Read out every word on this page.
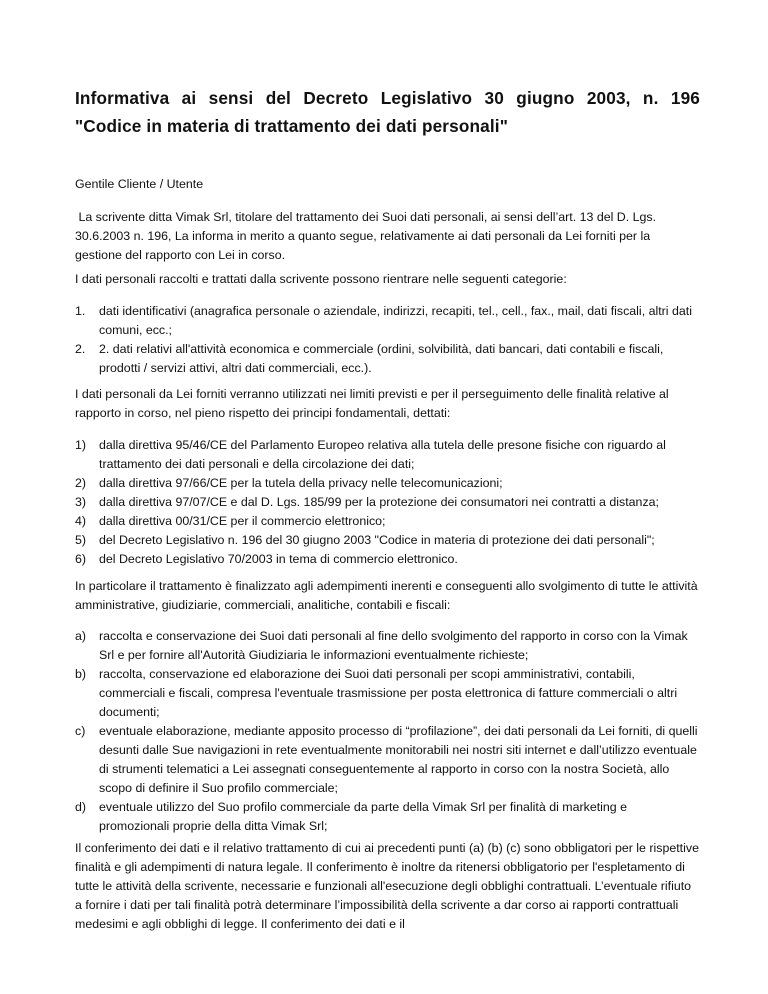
Informativa ai sensi del Decreto Legislativo 30 giugno 2003, n. 196
"Codice in materia di trattamento dei dati personali"

Gentile Cliente / Utente

La scrivente ditta Vimak Srl, titolare del trattamento dei Suoi dati personali, ai sensi dell’art. 13 del D. Lgs. 30.6.2003 n. 196, La informa in merito a quanto segue, relativamente ai dati personali da Lei forniti per la gestione del rapporto con Lei in corso.

I dati personali raccolti e trattati dalla scrivente possono rientrare nelle seguenti categorie:

1. dati identificativi (anagrafica personale o aziendale, indirizzi, recapiti, tel., cell., fax., mail, dati fiscali, altri dati comuni, ecc.;
2. 2. dati relativi all'attività economica e commerciale (ordini, solvibilità, dati bancari, dati contabili e fiscali, prodotti / servizi attivi, altri dati commerciali, ecc.).

I dati personali da Lei forniti verranno utilizzati nei limiti previsti e per il perseguimento delle finalità relative al rapporto in corso, nel pieno rispetto dei principi fondamentali, dettati:

1) dalla direttiva 95/46/CE del Parlamento Europeo relativa alla tutela delle presone fisiche con riguardo al trattamento dei dati personali e della circolazione dei dati;
2) dalla direttiva 97/66/CE per la tutela della privacy nelle telecomunicazioni;
3) dalla direttiva 97/07/CE e dal D. Lgs. 185/99 per la protezione dei consumatori nei contratti a distanza;
4) dalla direttiva 00/31/CE per il commercio elettronico;
5) del Decreto Legislativo n. 196 del 30 giugno 2003 "Codice in materia di protezione dei dati personali";
6) del Decreto Legislativo 70/2003 in tema di commercio elettronico.

In particolare il trattamento è finalizzato agli adempimenti inerenti e conseguenti allo svolgimento di tutte le attività amministrative, giudiziarie, commerciali, analitiche, contabili e fiscali:

a) raccolta e conservazione dei Suoi dati personali al fine dello svolgimento del rapporto in corso con la Vimak Srl e per fornire all'Autorità Giudiziaria le informazioni eventualmente richieste;
b) raccolta, conservazione ed elaborazione dei Suoi dati personali per scopi amministrativi, contabili, commerciali e fiscali, compresa l'eventuale trasmissione per posta elettronica di fatture commerciali o altri documenti;
c) eventuale elaborazione, mediante apposito processo di “profilazione”, dei dati personali da Lei forniti, di quelli desunti dalle Sue navigazioni in rete eventualmente monitorabili nei nostri siti internet e dall’utilizzo eventuale di strumenti telematici a Lei assegnati conseguentemente al rapporto in corso con la nostra Società, allo scopo di definire il Suo profilo commerciale;
d) eventuale utilizzo del Suo profilo commerciale da parte della Vimak Srl per finalità di marketing e promozionali proprie della ditta Vimak Srl;

Il conferimento dei dati e il relativo trattamento di cui ai precedenti punti (a) (b) (c) sono obbligatori per le rispettive finalità e gli adempimenti di natura legale. Il conferimento è inoltre da ritenersi obbligatorio per l'espletamento di tutte le attività della scrivente, necessarie e funzionali all'esecuzione degli obblighi contrattuali. L’eventuale rifiuto a fornire i dati per tali finalità potrà determinare l’impossibilità della scrivente a dar corso ai rapporti contrattuali medesimi e agli obblighi di legge. Il conferimento dei dati e il
